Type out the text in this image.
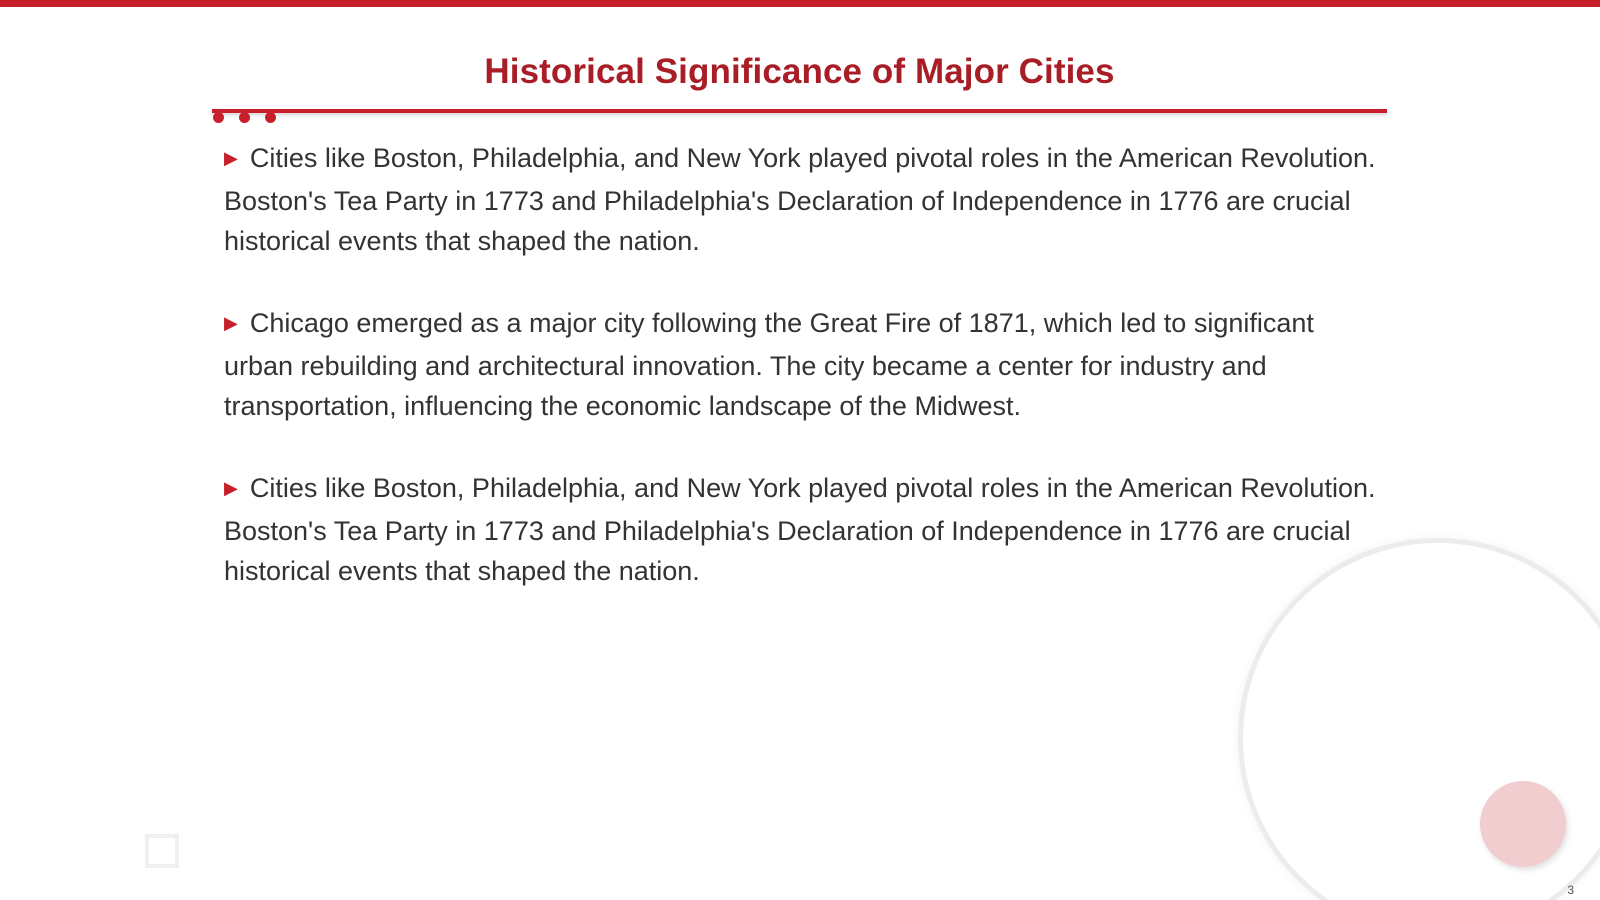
Historical Significance of Major Cities
▶ Cities like Boston, Philadelphia, and New York played pivotal roles in the American Revolution. Boston's Tea Party in 1773 and Philadelphia's Declaration of Independence in 1776 are crucial historical events that shaped the nation.
▶ Chicago emerged as a major city following the Great Fire of 1871, which led to significant urban rebuilding and architectural innovation. The city became a center for industry and transportation, influencing the economic landscape of the Midwest.
▶ Cities like Boston, Philadelphia, and New York played pivotal roles in the American Revolution. Boston's Tea Party in 1773 and Philadelphia's Declaration of Independence in 1776 are crucial historical events that shaped the nation.
3
